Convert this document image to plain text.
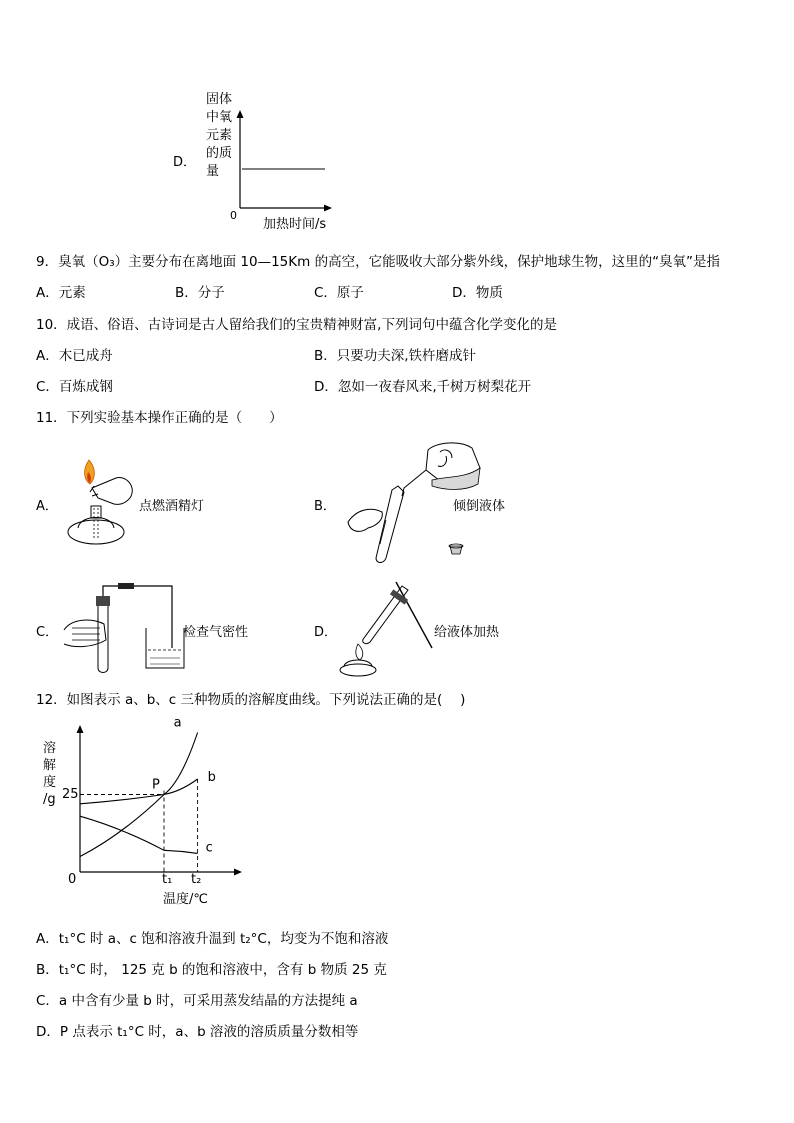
D．
固体
中氧
元素
的质
量
0
加热时间/s
9．臭氧（O₃）主要分布在离地面 10—15Km 的高空，它能吸收大部分紫外线，保护地球生物，这里的“臭氧”是指
A．元素	B．分子	C．原子	D．物质
10．成语、俗语、古诗词是古人留给我们的宝贵精神财富,下列词句中蕴含化学变化的是
A．木已成舟	B．只要功夫深,铁杵磨成针
C．百炼成钢	D．忽如一夜春风来,千树万树梨花开
11．下列实验基本操作正确的是（　　）
A．	点燃酒精灯	B．	倾倒液体
C．	检查气密性	D．	给液体加热
12．如图表示 a、b、c 三种物质的溶解度曲线。下列说法正确的是(　 )
溶
解
度
/g
a
b
c
P
25
0	t₁ t₂
温度/℃
A．t₁°C 时 a、c 饱和溶液升温到 t₂°C，均变为不饱和溶液
B．t₁°C 时， 125 克 b 的饱和溶液中，含有 b 物质 25 克
C．a 中含有少量 b 时，可采用蒸发结晶的方法提纯 a
D．P 点表示 t₁°C 时，a、b 溶液的溶质质量分数相等
